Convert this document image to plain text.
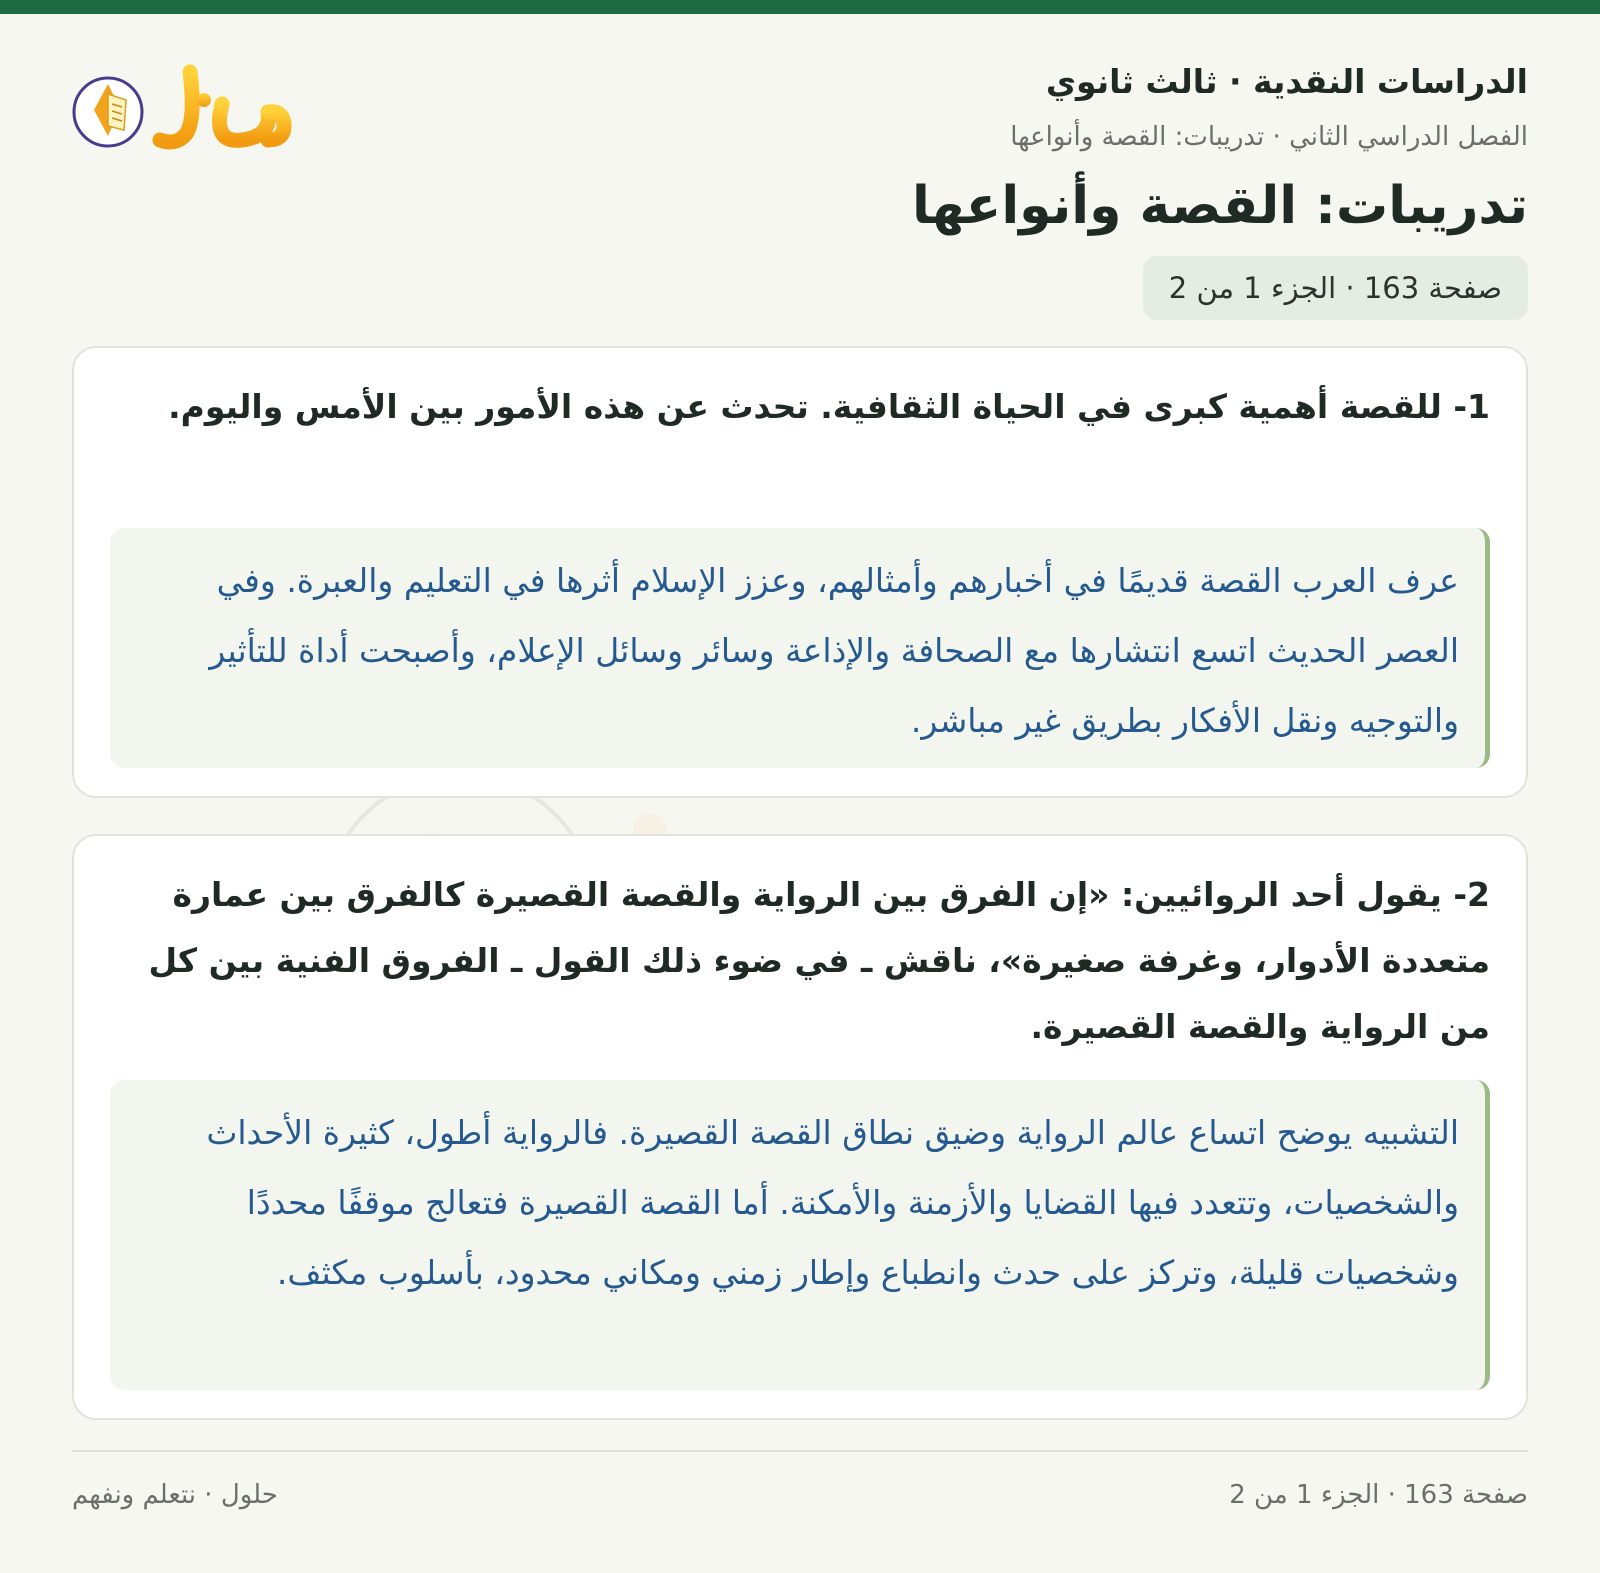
الدراسات النقدية · ثالث ثانوي
الفصل الدراسي الثاني · تدريبات: القصة وأنواعها
تدريبات: القصة وأنواعها
صفحة 163 · الجزء 1 من 2
1- للقصة أهمية كبرى في الحياة الثقافية. تحدث عن هذه الأمور بين الأمس واليوم.
عرف العرب القصة قديمًا في أخبارهم وأمثالهم، وعزز الإسلام أثرها في التعليم والعبرة. وفي العصر الحديث اتسع انتشارها مع الصحافة والإذاعة وسائر وسائل الإعلام، وأصبحت أداة للتأثير والتوجيه ونقل الأفكار بطريق غير مباشر.
2- يقول أحد الروائيين: «إن الفرق بين الرواية والقصة القصيرة كالفرق بين عمارة متعددة الأدوار، وغرفة صغيرة»، ناقش ـ في ضوء ذلك القول ـ الفروق الفنية بين كل من الرواية والقصة القصيرة.
التشبيه يوضح اتساع عالم الرواية وضيق نطاق القصة القصيرة. فالرواية أطول، كثيرة الأحداث والشخصيات، وتتعدد فيها القضايا والأزمنة والأمكنة. أما القصة القصيرة فتعالج موقفًا محددًا وشخصيات قليلة، وتركز على حدث وانطباع وإطار زمني ومكاني محدود، بأسلوب مكثف.
صفحة 163 · الجزء 1 من 2
حلول · نتعلم ونفهم
